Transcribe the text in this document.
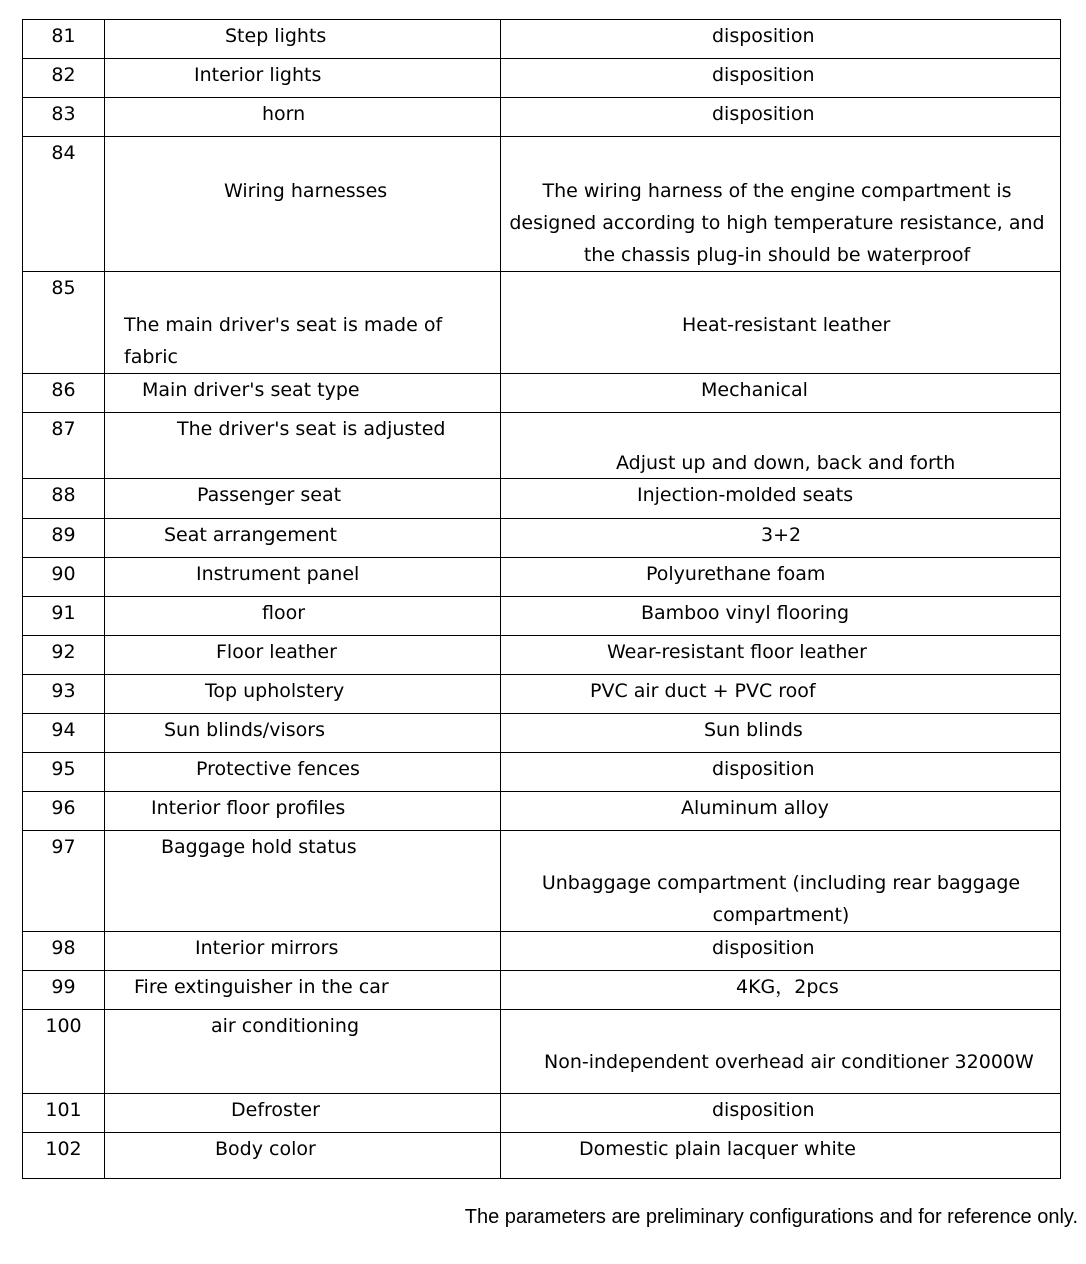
81	Step lights	disposition

82	Interior lights	disposition

83	horn	disposition

84	Wiring harnesses	The wiring harness of the engine compartment is designed according to high temperature resistance, and the chassis plug-in should be waterproof

85	The main driver's seat is made of fabric	Heat-resistant leather

86	Main driver's seat type	Mechanical

87	The driver's seat is adjusted	Adjust up and down, back and forth

88	Passenger seat	Injection-molded seats

89	Seat arrangement	3+2

90	Instrument panel	Polyurethane foam

91	floor	Bamboo vinyl flooring

92	Floor leather	Wear-resistant floor leather

93	Top upholstery	PVC air duct + PVC roof

94	Sun blinds/visors	Sun blinds

95	Protective fences	disposition

96	Interior floor profiles	Aluminum alloy

97	Baggage hold status	Unbaggage compartment (including rear baggage compartment)

98	Interior mirrors	disposition

99	Fire extinguisher in the car	4KG，2pcs

100	air conditioning	Non-independent overhead air conditioner 32000W

101	Defroster	disposition

102	Body color	Domestic plain lacquer white
The parameters are preliminary configurations and for reference only.
